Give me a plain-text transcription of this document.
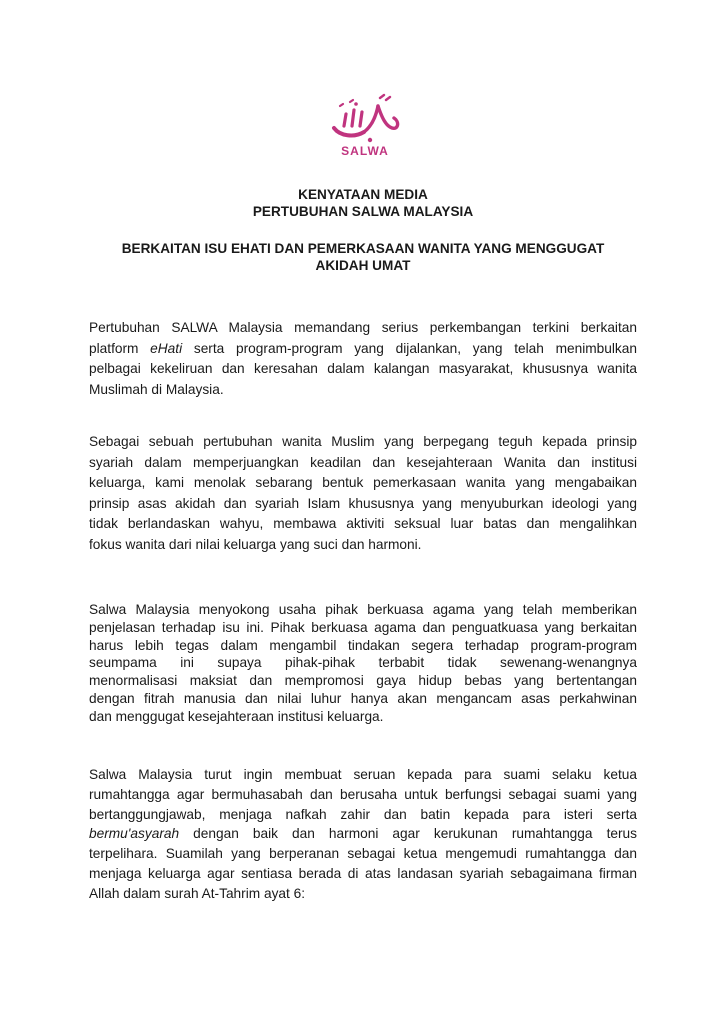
SALWA
KENYATAAN MEDIA
PERTUBUHAN SALWA MALAYSIA
BERKAITAN ISU EHATI DAN PEMERKASAAN WANITA YANG MENGGUGAT
AKIDAH UMAT
Pertubuhan SALWA Malaysia memandang serius perkembangan terkini berkaitan
platform eHati serta program-program yang dijalankan, yang telah menimbulkan
pelbagai kekeliruan dan keresahan dalam kalangan masyarakat, khususnya wanita
Muslimah di Malaysia.
Sebagai sebuah pertubuhan wanita Muslim yang berpegang teguh kepada prinsip
syariah dalam memperjuangkan keadilan dan kesejahteraan Wanita dan institusi
keluarga, kami menolak sebarang bentuk pemerkasaan wanita yang mengabaikan
prinsip asas akidah dan syariah Islam khususnya yang menyuburkan ideologi yang
tidak berlandaskan wahyu, membawa aktiviti seksual luar batas dan mengalihkan
fokus wanita dari nilai keluarga yang suci dan harmoni.
Salwa Malaysia menyokong usaha pihak berkuasa agama yang telah memberikan
penjelasan terhadap isu ini. Pihak berkuasa agama dan penguatkuasa yang berkaitan
harus lebih tegas dalam mengambil tindakan segera terhadap program-program
seumpama ini supaya pihak-pihak terbabit tidak sewenang-wenangnya
menormalisasi maksiat dan mempromosi gaya hidup bebas yang bertentangan
dengan fitrah manusia dan nilai luhur hanya akan mengancam asas perkahwinan
dan menggugat kesejahteraan institusi keluarga.
Salwa Malaysia turut ingin membuat seruan kepada para suami selaku ketua
rumahtangga agar bermuhasabah dan berusaha untuk berfungsi sebagai suami yang
bertanggungjawab, menjaga nafkah zahir dan batin kepada para isteri serta
bermu'asyarah dengan baik dan harmoni agar kerukunan rumahtangga terus
terpelihara. Suamilah yang berperanan sebagai ketua mengemudi rumahtangga dan
menjaga keluarga agar sentiasa berada di atas landasan syariah sebagaimana firman
Allah dalam surah At-Tahrim ayat 6:
